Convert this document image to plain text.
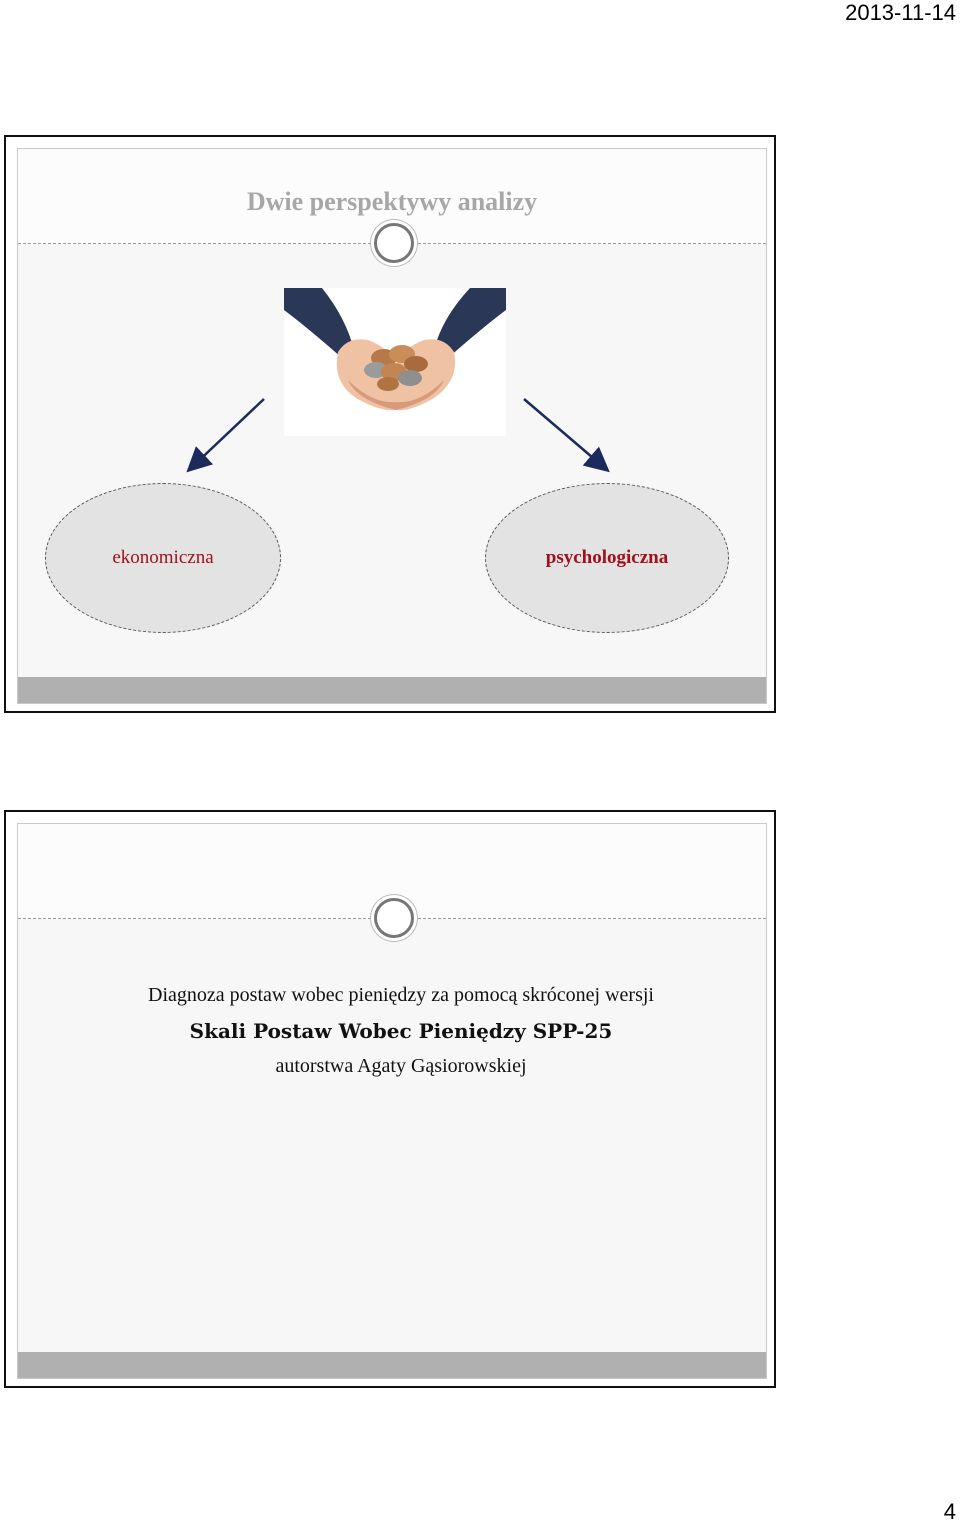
2013-11-14
Dwie perspektywy analizy
ekonomiczna	psychologiczna
Diagnoza postaw wobec pieniędzy za pomocą skróconej wersji
Skali Postaw Wobec Pieniędzy SPP-25
autorstwa Agaty Gąsiorowskiej
4
